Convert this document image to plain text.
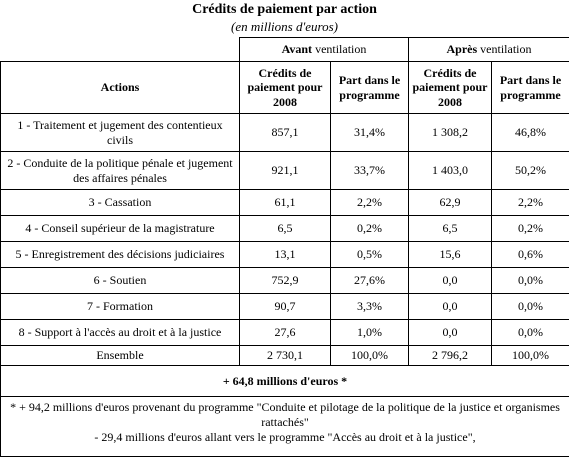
Crédits de paiement par action
(en millions d'euros)
	Avant ventilation		Après ventilation	
Actions	Crédits de paiement pour 2008	Part dans le programme	Crédits de paiement pour 2008	Part dans le programme
1 - Traitement et jugement des contentieux civils	857,1	31,4%	1 308,2	46,8%
2 - Conduite de la politique pénale et jugement des affaires pénales	921,1	33,7%	1 403,0	50,2%
3 - Cassation	61,1	2,2%	62,9	2,2%
4 - Conseil supérieur de la magistrature	6,5	0,2%	6,5	0,2%
5 - Enregistrement des décisions judiciaires	13,1	0,5%	15,6	0,6%
6 - Soutien	752,9	27,6%	0,0	0,0%
7 - Formation	90,7	3,3%	0,0	0,0%
8 - Support à l'accès au droit et à la justice	27,6	1,0%	0,0	0,0%
Ensemble	2 730,1	100,0%	2 796,2	100,0%
+ 64,8 millions d'euros *				

* + 94,2 millions d'euros provenant du programme "Conduite et pilotage de la politique de la justice et organismes rattachés"
- 29,4 millions d'euros allant vers le programme "Accès au droit et à la justice",				
